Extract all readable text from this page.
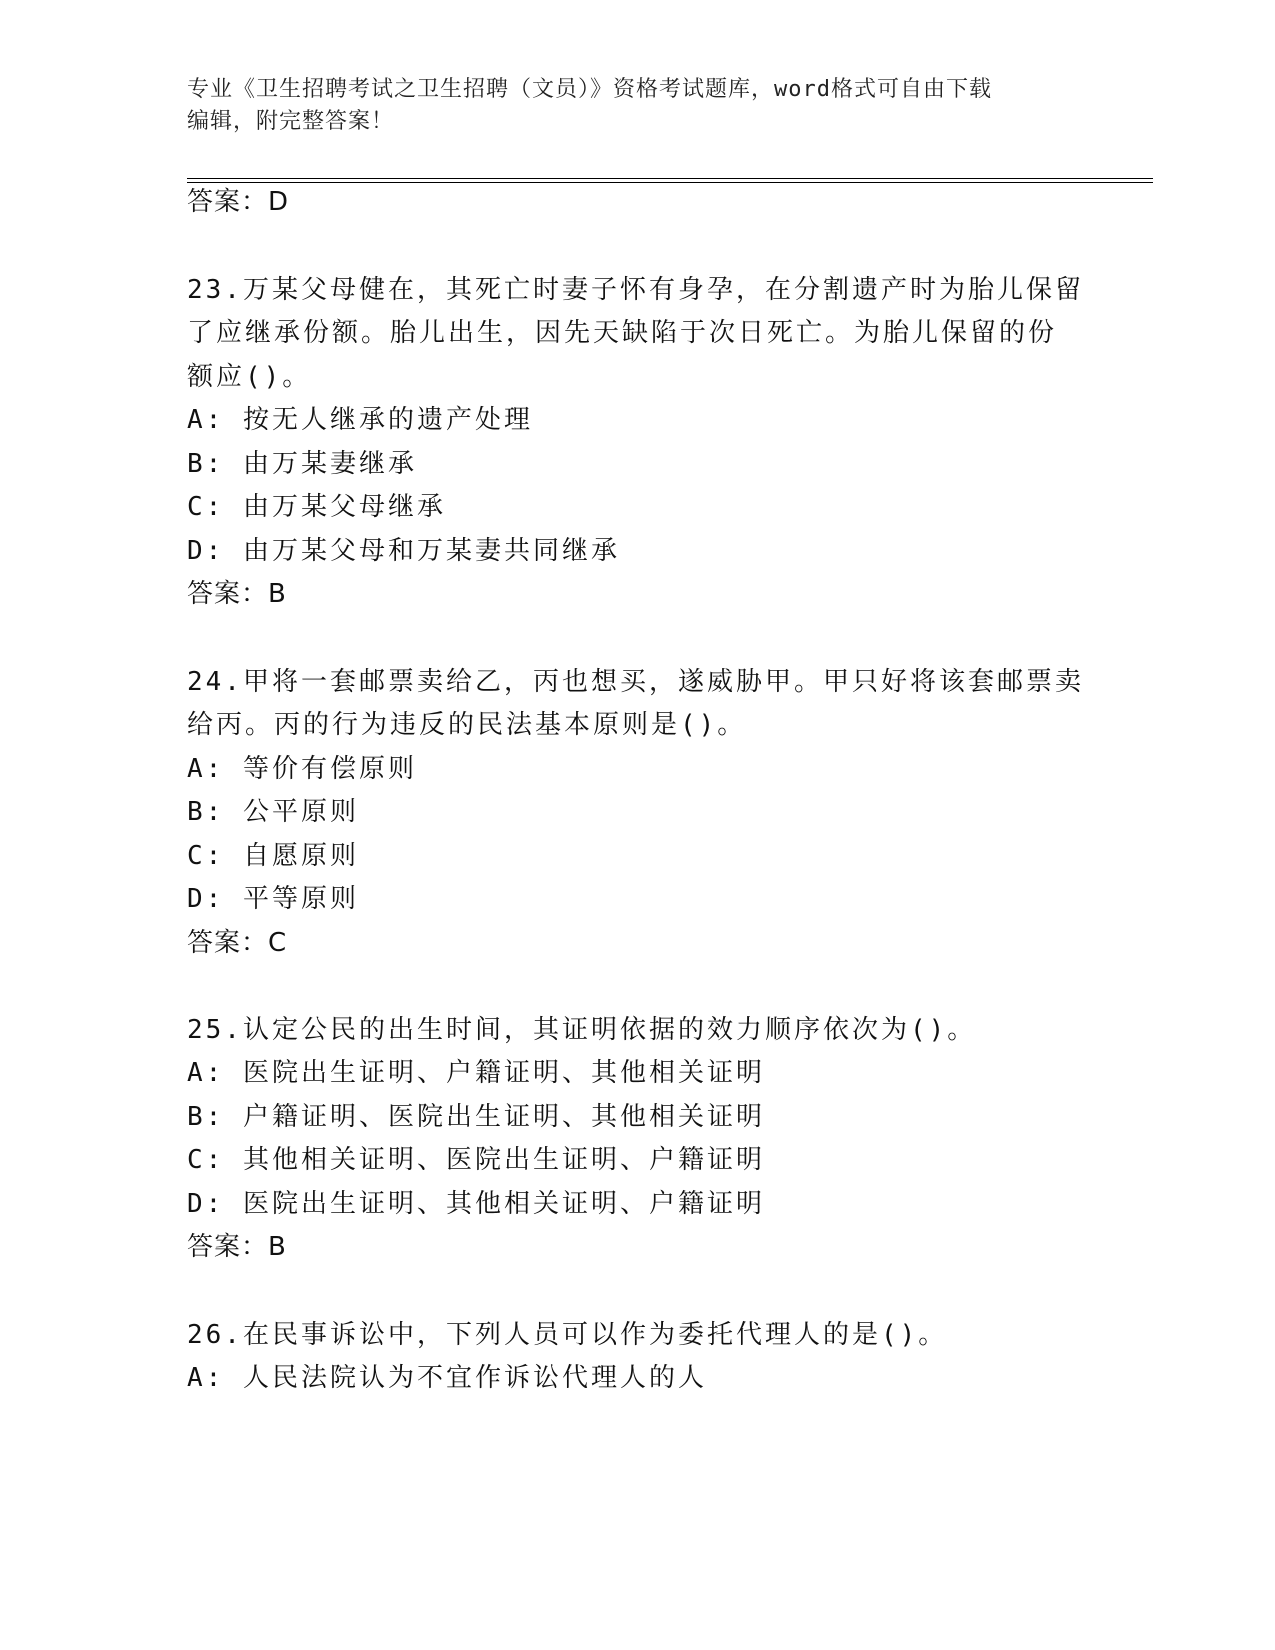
专业《卫生招聘考试之卫生招聘（文员）》资格考试题库，word格式可自由下载
编辑，附完整答案！
答案：D
23.万某父母健在，其死亡时妻子怀有身孕，在分割遗产时为胎儿保留
了应继承份额。胎儿出生，因先天缺陷于次日死亡。为胎儿保留的份
额应()。
A: 按无人继承的遗产处理
B: 由万某妻继承
C: 由万某父母继承
D: 由万某父母和万某妻共同继承
答案：B
24.甲将一套邮票卖给乙，丙也想买，遂威胁甲。甲只好将该套邮票卖
给丙。丙的行为违反的民法基本原则是()。
A: 等价有偿原则
B: 公平原则
C: 自愿原则
D: 平等原则
答案：C
25.认定公民的出生时间，其证明依据的效力顺序依次为()。
A: 医院出生证明、户籍证明、其他相关证明
B: 户籍证明、医院出生证明、其他相关证明
C: 其他相关证明、医院出生证明、户籍证明
D: 医院出生证明、其他相关证明、户籍证明
答案：B
26.在民事诉讼中，下列人员可以作为委托代理人的是()。
A: 人民法院认为不宜作诉讼代理人的人
